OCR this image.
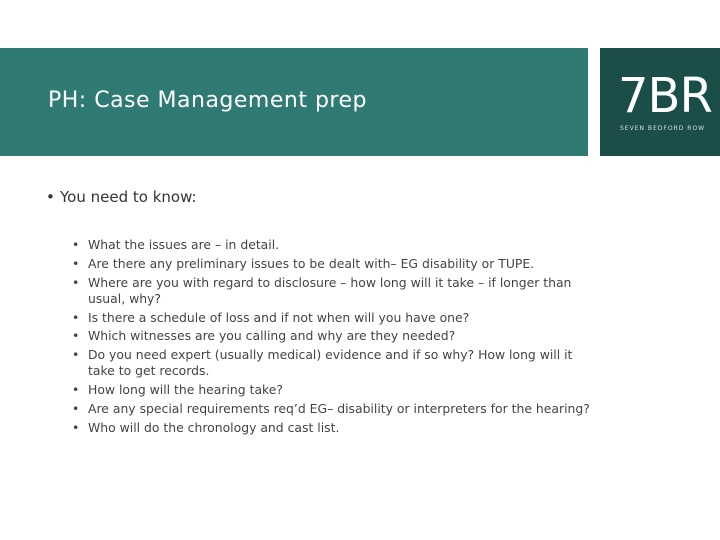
PH: Case Management prep	7BR
SEVEN BEDFORD ROW
• You need to know:
• What the issues are – in detail.
• Are there any preliminary issues to be dealt with– EG disability or TUPE.
• Where are you with regard to disclosure – how long will it take – if longer than usual, why?
• Is there a schedule of loss and if not when will you have one?
• Which witnesses are you calling and why are they needed?
• Do you need expert (usually medical) evidence and if so why? How long will it take to get records.
• How long will the hearing take?
• Are any special requirements req’d EG– disability or interpreters for the hearing?
• Who will do the chronology and cast list.
